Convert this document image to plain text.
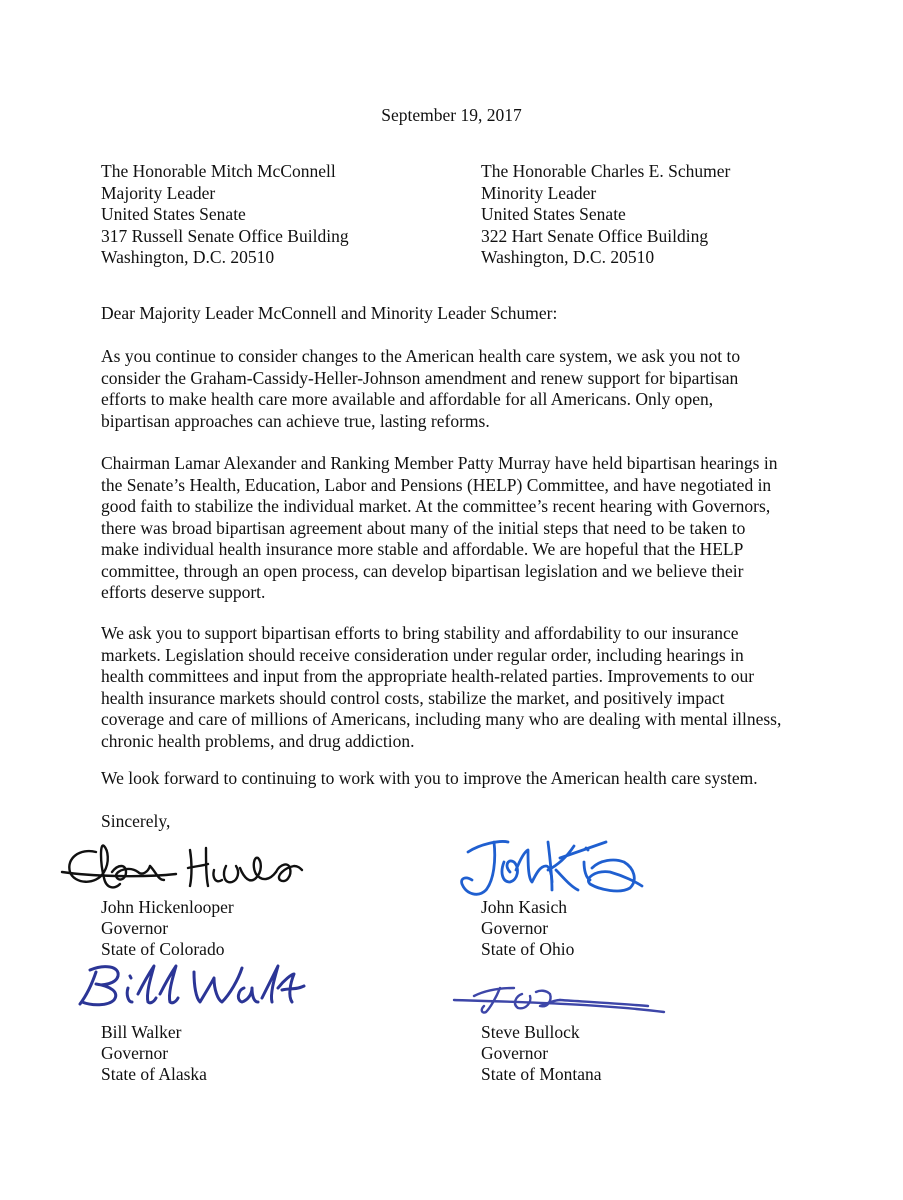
September 19, 2017
The Honorable Mitch McConnell
Majority Leader
United States Senate
317 Russell Senate Office Building
Washington, D.C. 20510
The Honorable Charles E. Schumer
Minority Leader
United States Senate
322 Hart Senate Office Building
Washington, D.C. 20510
Dear Majority Leader McConnell and Minority Leader Schumer:
As you continue to consider changes to the American health care system, we ask you not to
consider the Graham-Cassidy-Heller-Johnson amendment and renew support for bipartisan
efforts to make health care more available and affordable for all Americans. Only open,
bipartisan approaches can achieve true, lasting reforms.
Chairman Lamar Alexander and Ranking Member Patty Murray have held bipartisan hearings in
the Senate’s Health, Education, Labor and Pensions (HELP) Committee, and have negotiated in
good faith to stabilize the individual market. At the committee’s recent hearing with Governors,
there was broad bipartisan agreement about many of the initial steps that need to be taken to
make individual health insurance more stable and affordable. We are hopeful that the HELP
committee, through an open process, can develop bipartisan legislation and we believe their
efforts deserve support.
We ask you to support bipartisan efforts to bring stability and affordability to our insurance
markets. Legislation should receive consideration under regular order, including hearings in
health committees and input from the appropriate health-related parties. Improvements to our
health insurance markets should control costs, stabilize the market, and positively impact
coverage and care of millions of Americans, including many who are dealing with mental illness,
chronic health problems, and drug addiction.
We look forward to continuing to work with you to improve the American health care system.
Sincerely,
John Hickenlooper
Governor
State of Colorado
John Kasich
Governor
State of Ohio
Bill Walker
Governor
State of Alaska
Steve Bullock
Governor
State of Montana
